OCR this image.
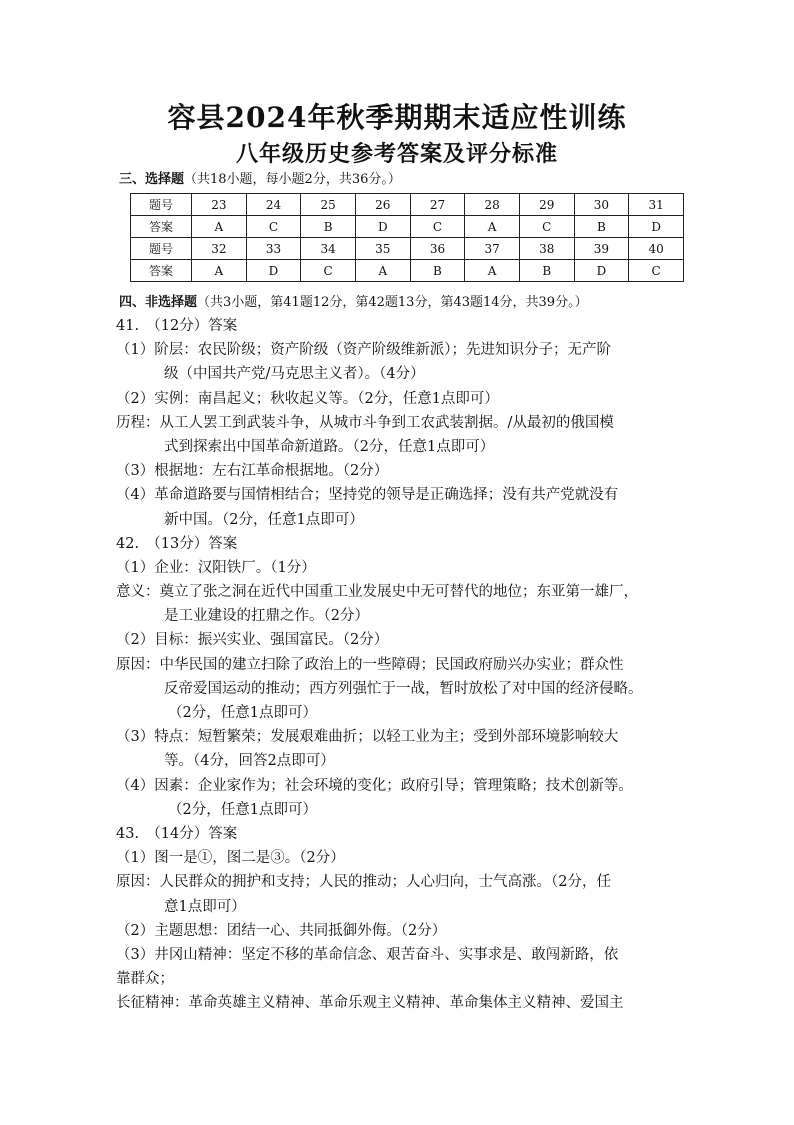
容县2024年秋季期期末适应性训练
八年级历史参考答案及评分标准
三、选择题（共18小题，每小题2分，共36分。）
题号	23	24	25	26	27	28	29	30	31
答案	A	C	B	D	C	A	C	B	D
题号	32	33	34	35	36	37	38	39	40
答案	A	D	C	A	B	A	B	D	C
四、非选择题（共3小题，第41题12分，第42题13分，第43题14分，共39分。）
41.　（12分）答案
（1）阶层：农民阶级；资产阶级（资产阶级维新派）；先进知识分子；无产阶
级（中国共产党/马克思主义者）。（4分）
（2）实例：南昌起义；秋收起义等。（2分，任意1点即可）
历程：从工人罢工到武装斗争，从城市斗争到工农武装割据。/从最初的俄国模
式到探索出中国革命新道路。（2分，任意1点即可）
（3）根据地：左右江革命根据地。（2分）
（4）革命道路要与国情相结合；坚持党的领导是正确选择；没有共产党就没有
新中国。（2分，任意1点即可）
42.　（13分）答案
（1）企业：汉阳铁厂。（1分）
意义：奠立了张之洞在近代中国重工业发展史中无可替代的地位；东亚第一雄厂，
是工业建设的扛鼎之作。（2分）
（2）目标：振兴实业、强国富民。（2分）
原因：中华民国的建立扫除了政治上的一些障碍；民国政府励兴办实业；群众性
反帝爱国运动的推动；西方列强忙于一战，暂时放松了对中国的经济侵略。
（2分，任意1点即可）
（3）特点：短暂繁荣；发展艰难曲折；以轻工业为主；受到外部环境影响较大
等。（4分，回答2点即可）
（4）因素：企业家作为；社会环境的变化；政府引导；管理策略；技术创新等。
（2分，任意1点即可）
43.　（14分）答案
（1）图一是①，图二是③。（2分）
原因：人民群众的拥护和支持；人民的推动；人心归向，士气高涨。（2分，任
意1点即可）
（2）主题思想：团结一心、共同抵御外侮。（2分）
（3）井冈山精神：坚定不移的革命信念、艰苦奋斗、实事求是、敢闯新路，依
靠群众；
长征精神：革命英雄主义精神、革命乐观主义精神、革命集体主义精神、爱国主
